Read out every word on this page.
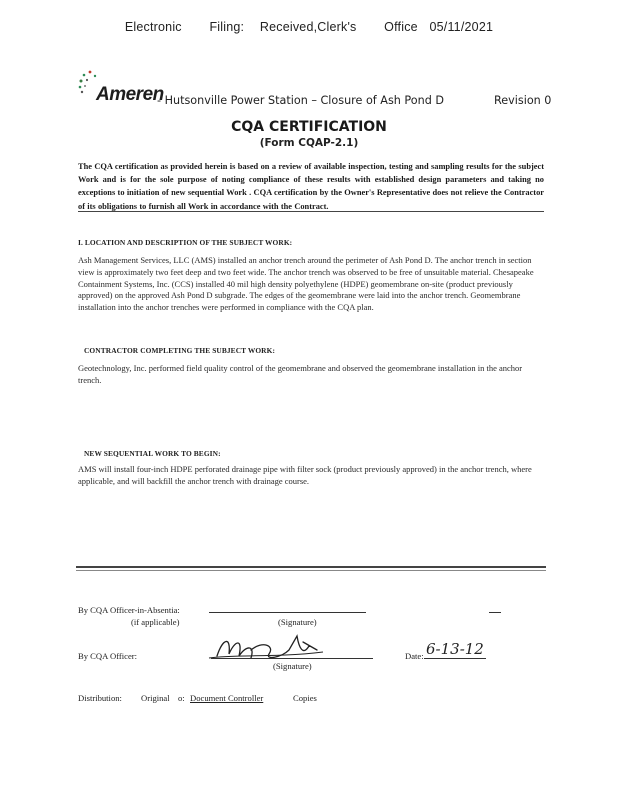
Electronic Filing: Received,Clerk's Office 05/11/2021
Ameren
- Hutsonville Power Station – Closure of Ash Pond D	Revision 0
CQA CERTIFICATION
(Form CQAP-2.1)
The CQA certification as provided herein is based on a review of available inspection, testing and sampling results for the subject Work and is for the sole purpose of noting compliance of these results with established design parameters and taking no exceptions to initiation of new sequential Work . CQA certification by the Owner's Representative does not relieve the Contractor of its obligations to furnish all Work in accordance with the Contract.
I. LOCATION AND DESCRIPTION OF THE SUBJECT WORK:
Ash Management Services, LLC (AMS) installed an anchor trench around the perimeter of Ash Pond D. The anchor trench in section view is approximately two feet deep and two feet wide. The anchor trench was observed to be free of unsuitable material. Chesapeake Containment Systems, Inc. (CCS) installed 40 mil high density polyethylene (HDPE) geomembrane on-site (product previously approved) on the approved Ash Pond D subgrade. The edges of the geomembrane were laid into the anchor trench. Geomembrane installation into the anchor trenches were performed in compliance with the CQA plan.
CONTRACTOR COMPLETING THE SUBJECT WORK:
Geotechnology, Inc. performed field quality control of the geomembrane and observed the geomembrane installation in the anchor trench.
NEW SEQUENTIAL WORK TO BEGIN:
AMS will install four-inch HDPE perforated drainage pipe with filter sock (product previously approved) in the anchor trench, where applicable, and will backfill the anchor trench with drainage course.
By CQA Officer-in-Absentia:
(if applicable)	(Signature)
By CQA Officer:
(Signature)
Date: 6-13-12
Distribution: Original o: Document Controller	Copies
